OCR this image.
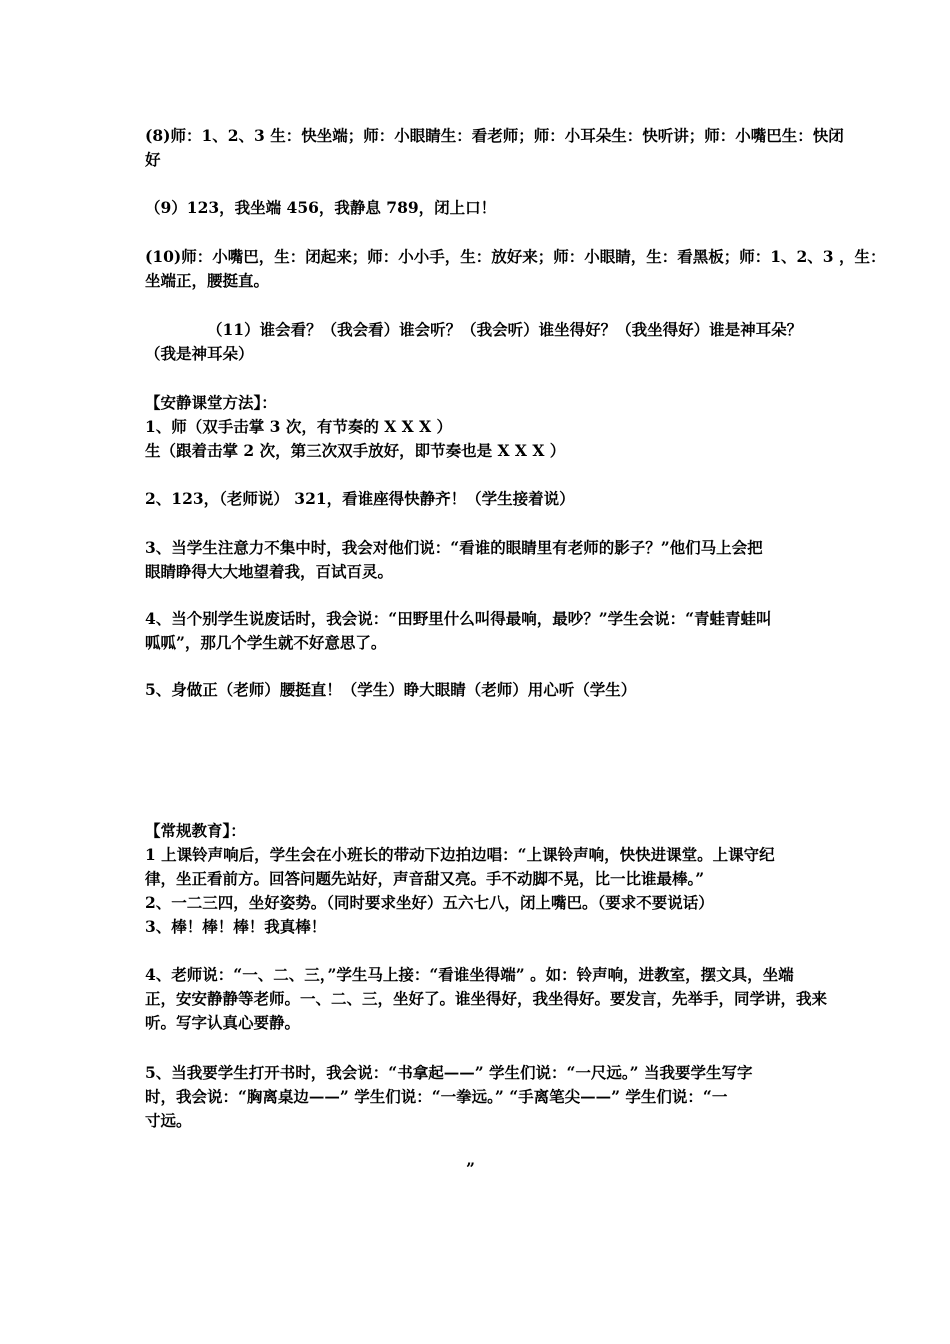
(8)师：1、2、3 生：快坐端；师：小眼睛生：看老师；师：小耳朵生：快听讲；师：小嘴巴生：快闭
好
（9）123，我坐端 456，我静息 789，闭上口！
(10)师：小嘴巴，生：闭起来；师：小小手，生：放好来；师：小眼睛，生：看黑板；师：1、2、3 ，生：
坐端正，腰挺直。
（11）谁会看？（我会看）谁会听？（我会听）谁坐得好？（我坐得好）谁是神耳朵？
（我是神耳朵）
【安静课堂方法】：
1、师（双手击掌 3 次，有节奏的 X X X ）
生（跟着击掌 2 次，第三次双手放好，即节奏也是 X X X ）
2、123，（老师说） 321，看谁座得快静齐！（学生接着说）
3、当学生注意力不集中时，我会对他们说：“看谁的眼睛里有老师的影子？”他们马上会把
眼睛睁得大大地望着我，百试百灵。
4、当个别学生说废话时，我会说：“田野里什么叫得最响，最吵？”学生会说：“青蛙青蛙叫
呱呱”，那几个学生就不好意思了。
5、身做正（老师）腰挺直！（学生）睁大眼睛（老师）用心听（学生）
【常规教育】：
1 上课铃声响后，学生会在小班长的带动下边拍边唱：“上课铃声响，快快进课堂。上课守纪
律，坐正看前方。回答问题先站好，声音甜又亮。手不动脚不晃，比一比谁最棒。”
2、一二三四，坐好姿势。（同时要求坐好）五六七八，闭上嘴巴。（要求不要说话）
3、棒！棒！棒！我真棒！
4、老师说：“一、二、三，”学生马上接：“看谁坐得端” 。如：铃声响，进教室，摆文具，坐端
正，安安静静等老师。一、二、三，坐好了。谁坐得好，我坐得好。要发言，先举手，同学讲，我来
听。写字认真心要静。
5、当我要学生打开书时，我会说：“书拿起——” 学生们说：“一尺远。” 当我要学生写字
时，我会说：“胸离桌边——” 学生们说：“一拳远。” “手离笔尖——” 学生们说：“一
寸远。
”
